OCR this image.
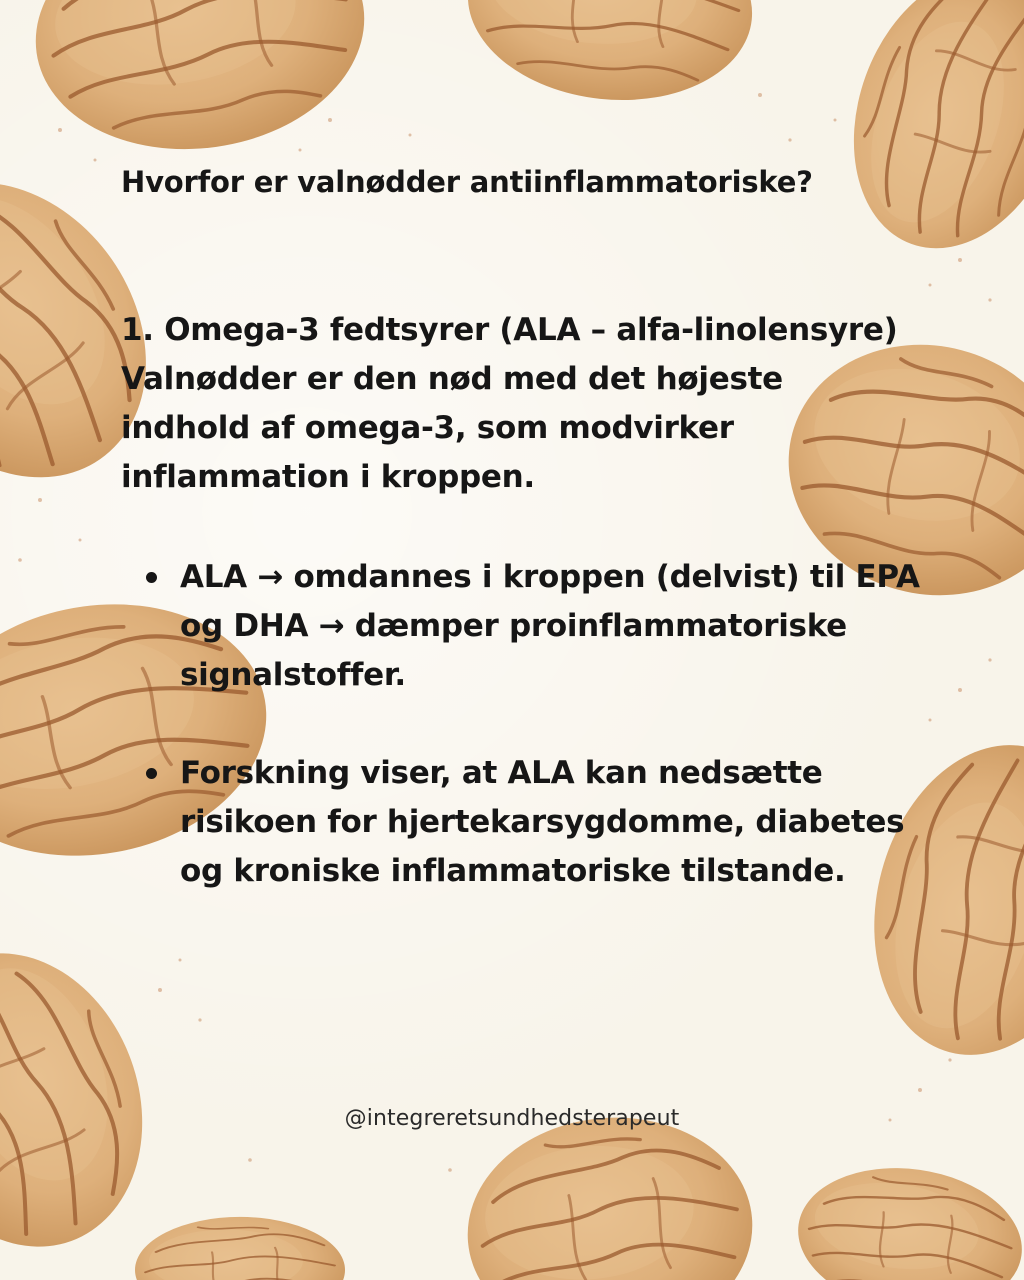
Hvorfor er valnødder antiinflammatoriske?
1. Omega-3 fedtsyrer (ALA – alfa-linolensyre)
Valnødder er den nød med det højeste indhold af omega-3, som modvirker inflammation i kroppen.
ALA → omdannes i kroppen (delvist) til EPA og DHA → dæmper proinflammatoriske signalstoffer.
Forskning viser, at ALA kan nedsætte risikoen for hjertekarsygdomme, diabetes og kroniske inflammatoriske tilstande.
@integreretsundhedsterapeut
